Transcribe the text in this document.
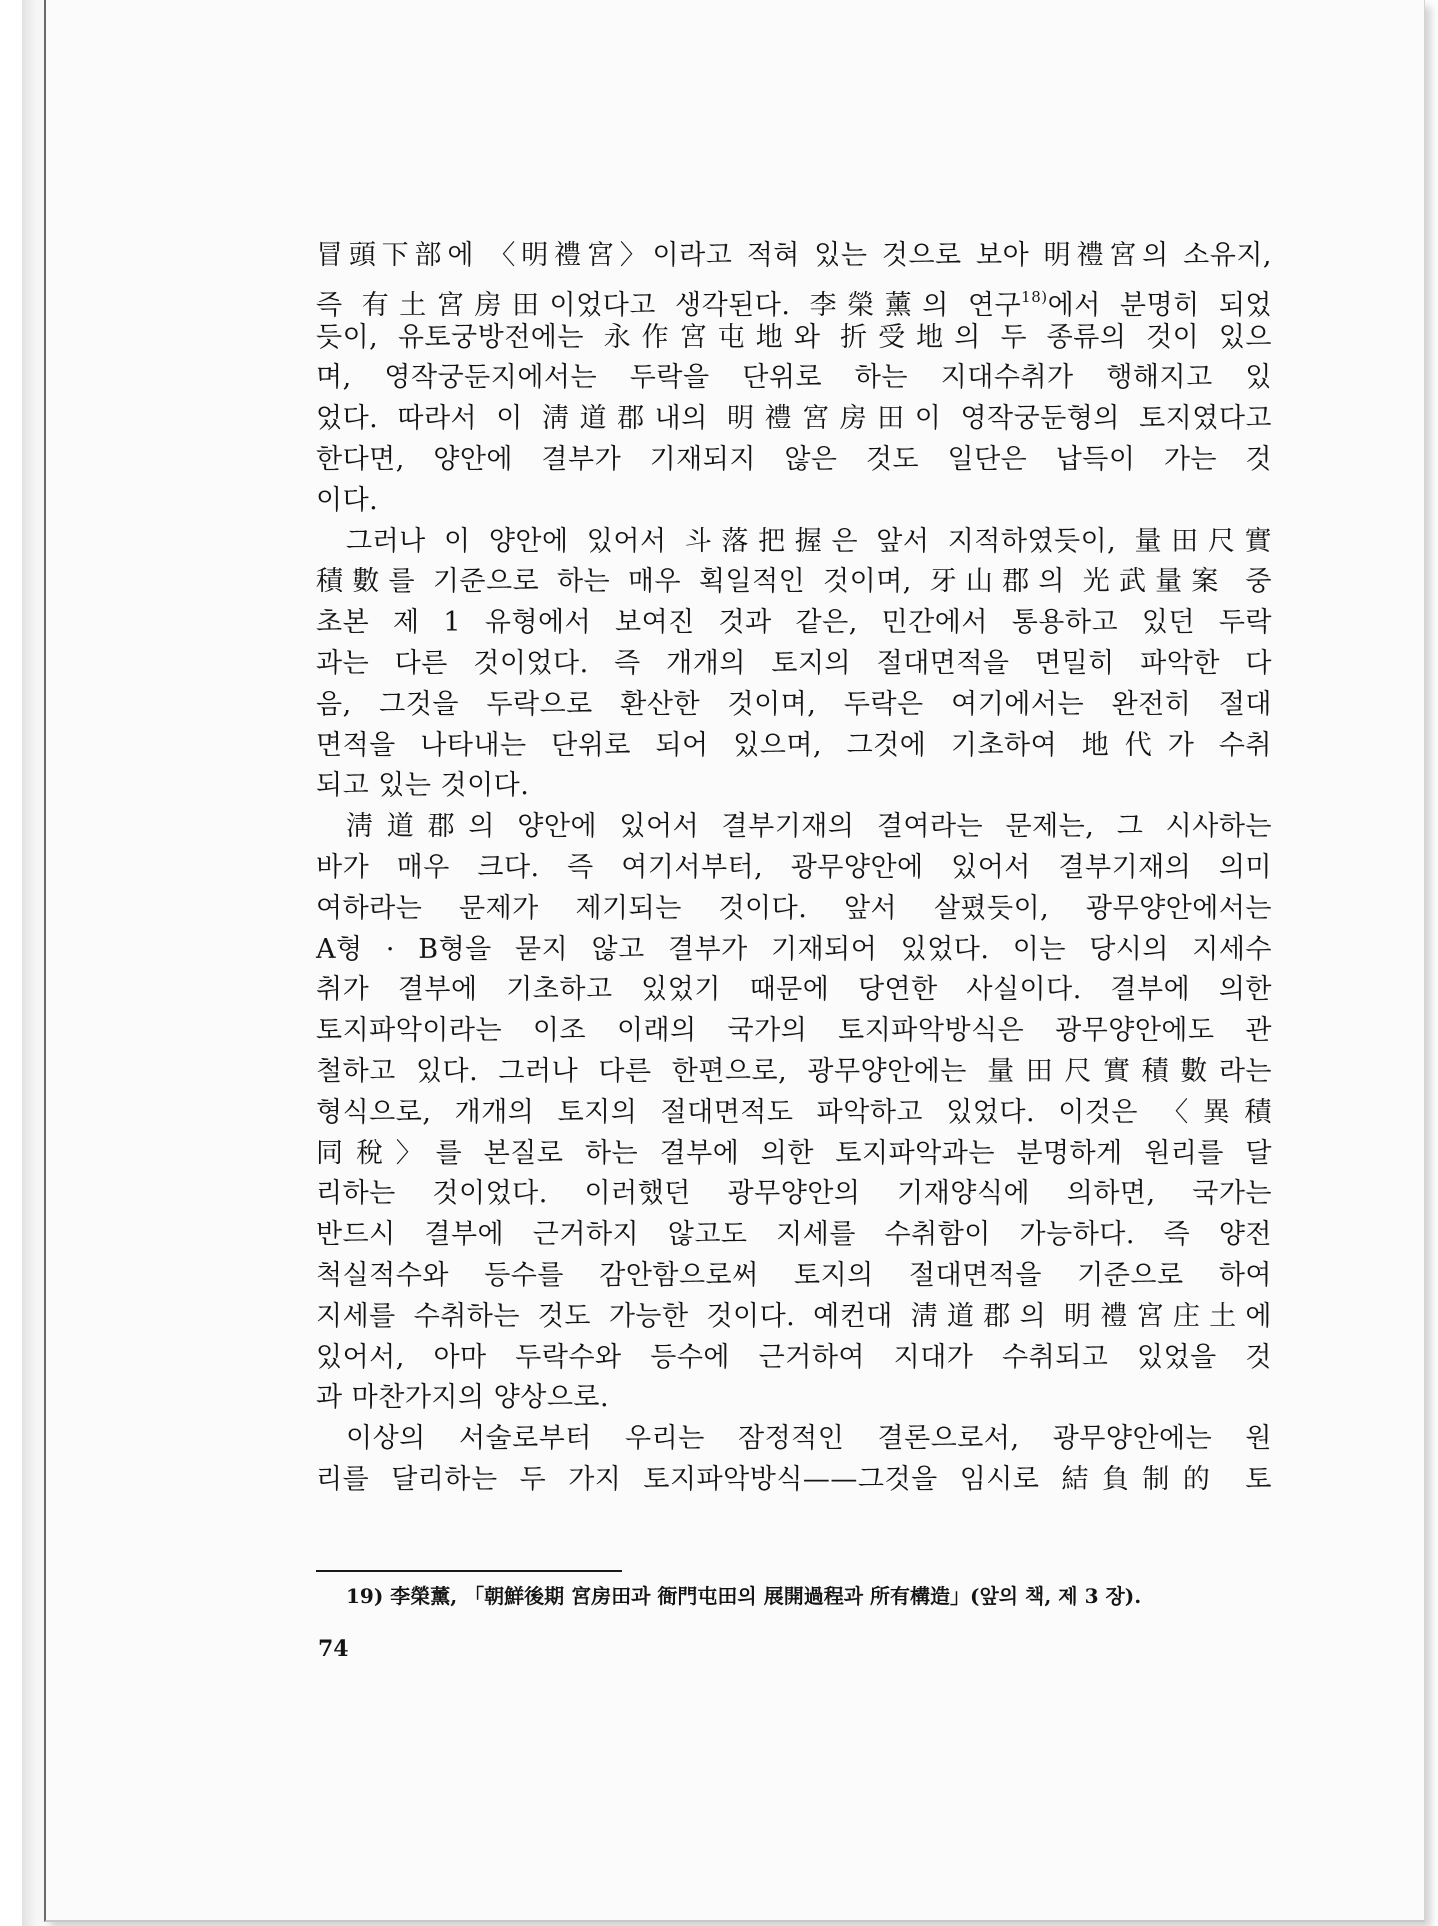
冒頭下部에 〈明禮宮〉이라고 적혀 있는 것으로 보아 明禮宮의 소유지,
즉 有土宮房田이었다고 생각된다. 李榮薰의 연구$^{18)}$에서 분명히 되었
듯이, 유토궁방전에는 永作宮屯地와 折受地의 두 종류의 것이 있으
며, 영작궁둔지에서는 두락을 단위로 하는 지대수취가 행해지고 있
었다. 따라서 이 淸道郡내의 明禮宮房田이 영작궁둔형의 토지였다고
한다면, 양안에 결부가 기재되지 않은 것도 일단은 납득이 가는 것
이다.
그러나 이 양안에 있어서 斗落把握은 앞서 지적하였듯이, 量田尺實
積數를 기준으로 하는 매우 획일적인 것이며, 牙山郡의 光武量案 중
초본 제 1 유형에서 보여진 것과 같은, 민간에서 통용하고 있던 두락
과는 다른 것이었다. 즉 개개의 토지의 절대면적을 면밀히 파악한 다
음, 그것을 두락으로 환산한 것이며, 두락은 여기에서는 완전히 절대
면적을 나타내는 단위로 되어 있으며, 그것에 기초하여 地代가 수취
되고 있는 것이다.
淸道郡의 양안에 있어서 결부기재의 결여라는 문제는, 그 시사하는
바가 매우 크다. 즉 여기서부터, 광무양안에 있어서 결부기재의 의미
여하라는 문제가 제기되는 것이다. 앞서 살폈듯이, 광무양안에서는
A형 · B형을 묻지 않고 결부가 기재되어 있었다. 이는 당시의 지세수
취가 결부에 기초하고 있었기 때문에 당연한 사실이다. 결부에 의한
토지파악이라는 이조 이래의 국가의 토지파악방식은 광무양안에도 관
철하고 있다. 그러나 다른 한편으로, 광무양안에는 量田尺實積數라는
형식으로, 개개의 토지의 절대면적도 파악하고 있었다. 이것은 〈異積
同稅〉를 본질로 하는 결부에 의한 토지파악과는 분명하게 원리를 달
리하는 것이었다. 이러했던 광무양안의 기재양식에 의하면, 국가는
반드시 결부에 근거하지 않고도 지세를 수취함이 가능하다. 즉 양전
척실적수와 등수를 감안함으로써 토지의 절대면적을 기준으로 하여
지세를 수취하는 것도 가능한 것이다. 예컨대 淸道郡의 明禮宮庄土에
있어서, 아마 두락수와 등수에 근거하여 지대가 수취되고 있었을 것
과 마찬가지의 양상으로.
이상의 서술로부터 우리는 잠정적인 결론으로서, 광무양안에는 원
리를 달리하는 두 가지 토지파악방식——그것을 임시로 結負制的 토
19) 李榮薰, 「朝鮮後期 宮房田과 衙門屯田의 展開過程과 所有構造」(앞의 책, 제 3 장).
74
